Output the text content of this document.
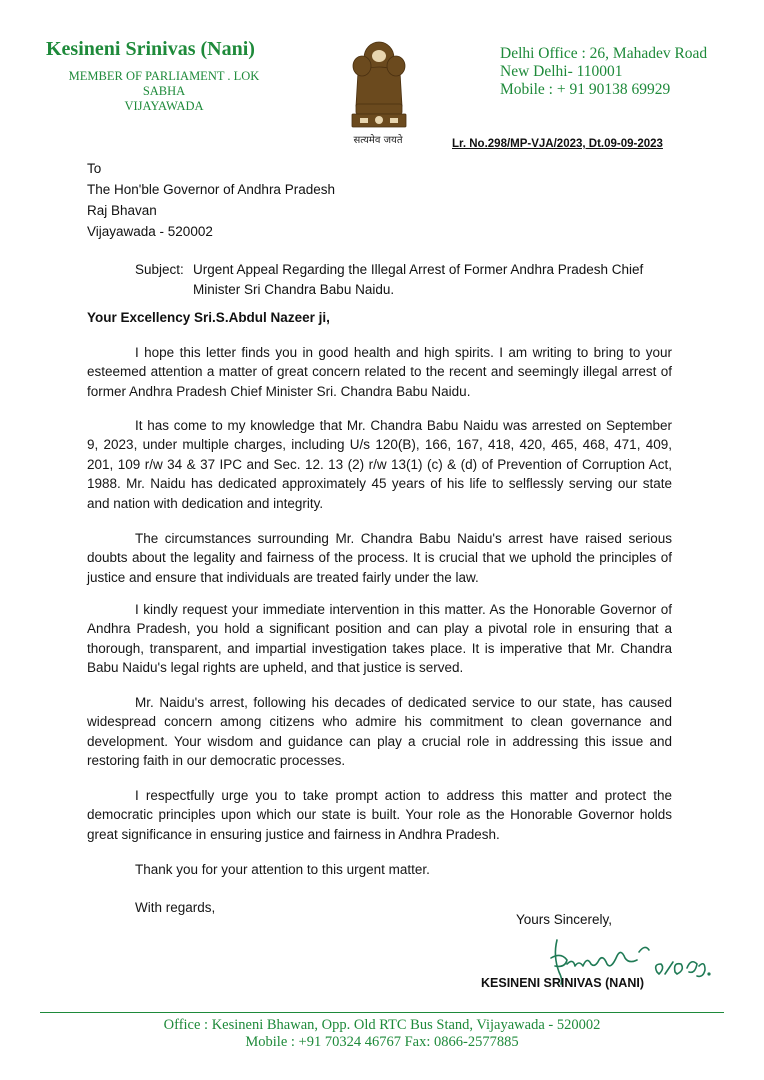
Kesineni Srinivas (Nani)
MEMBER OF PARLIAMENT . LOK SABHA
VIJAYAWADA
सत्यमेव जयते
Delhi Office : 26, Mahadev Road
New Delhi- 110001
Mobile : + 91 90138 69929
Lr. No.298/MP-VJA/2023, Dt.09-09-2023
To
The Hon'ble Governor of Andhra Pradesh
Raj Bhavan
Vijayawada - 520002
Subject: Urgent Appeal Regarding the Illegal Arrest of Former Andhra Pradesh Chief
Minister Sri Chandra Babu Naidu.
Your Excellency Sri.S.Abdul Nazeer ji,
I hope this letter finds you in good health and high spirits. I am writing to bring to your esteemed attention a matter of great concern related to the recent and seemingly illegal arrest of former Andhra Pradesh Chief Minister Sri. Chandra Babu Naidu.
It has come to my knowledge that Mr. Chandra Babu Naidu was arrested on September 9, 2023, under multiple charges, including U/s 120(B), 166, 167, 418, 420, 465, 468, 471, 409, 201, 109 r/w 34 & 37 IPC and Sec. 12. 13 (2) r/w 13(1) (c) & (d) of Prevention of Corruption Act, 1988. Mr. Naidu has dedicated approximately 45 years of his life to selflessly serving our state and nation with dedication and integrity.
The circumstances surrounding Mr. Chandra Babu Naidu's arrest have raised serious doubts about the legality and fairness of the process. It is crucial that we uphold the principles of justice and ensure that individuals are treated fairly under the law.
I kindly request your immediate intervention in this matter. As the Honorable Governor of Andhra Pradesh, you hold a significant position and can play a pivotal role in ensuring that a thorough, transparent, and impartial investigation takes place. It is imperative that Mr. Chandra Babu Naidu's legal rights are upheld, and that justice is served.
Mr. Naidu's arrest, following his decades of dedicated service to our state, has caused widespread concern among citizens who admire his commitment to clean governance and development. Your wisdom and guidance can play a crucial role in addressing this issue and restoring faith in our democratic processes.
I respectfully urge you to take prompt action to address this matter and protect the democratic principles upon which our state is built. Your role as the Honorable Governor holds great significance in ensuring justice and fairness in Andhra Pradesh.
Thank you for your attention to this urgent matter.
With regards,
Yours Sincerely,
KESINENI SRINIVAS (NANI)
Office : Kesineni Bhawan, Opp. Old RTC Bus Stand, Vijayawada - 520002
Mobile : +91 70324 46767 Fax: 0866-2577885
